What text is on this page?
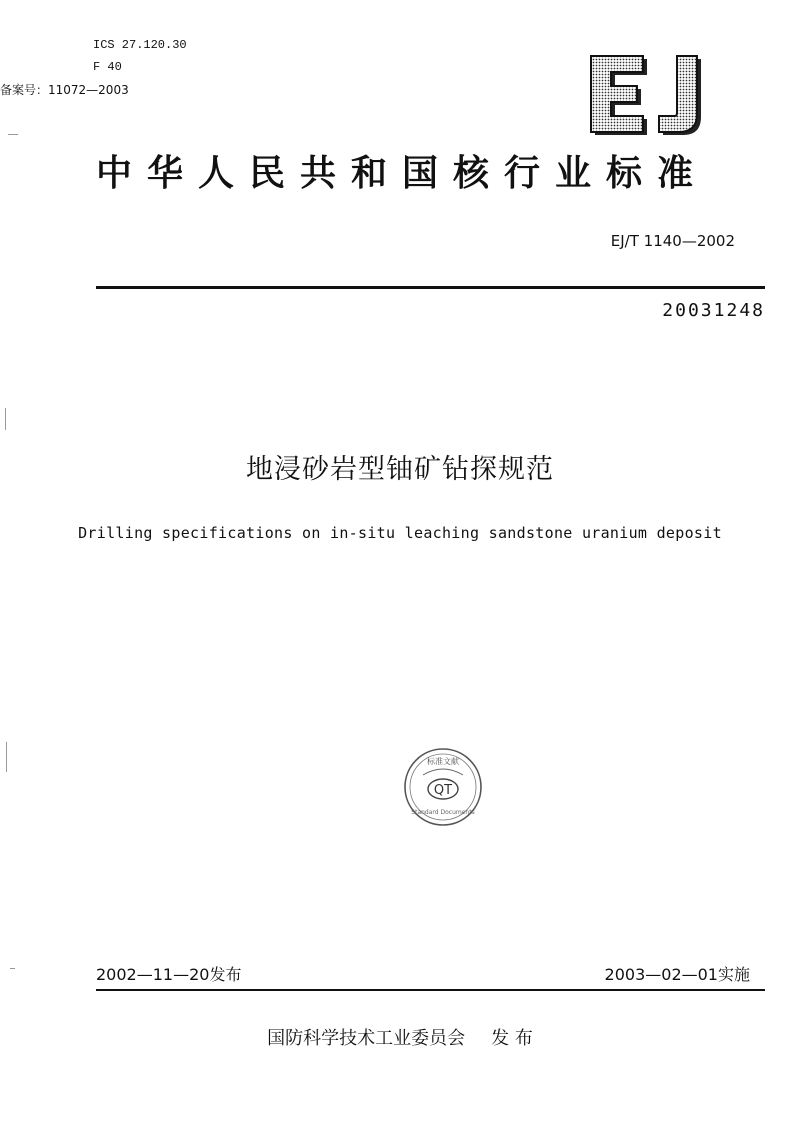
ICS 27.120.30
F 40
备案号：11072—2003
中华人民共和国核行业标准
EJ/T 1140—2002
20031248
地浸砂岩型铀矿钻探规范
Drilling specifications on in-situ leaching sandstone uranium deposit
QT
标准文献
Standard Documents
2002—11—20发布	2003—02—01实施
国防科学技术工业委员会 发 布
